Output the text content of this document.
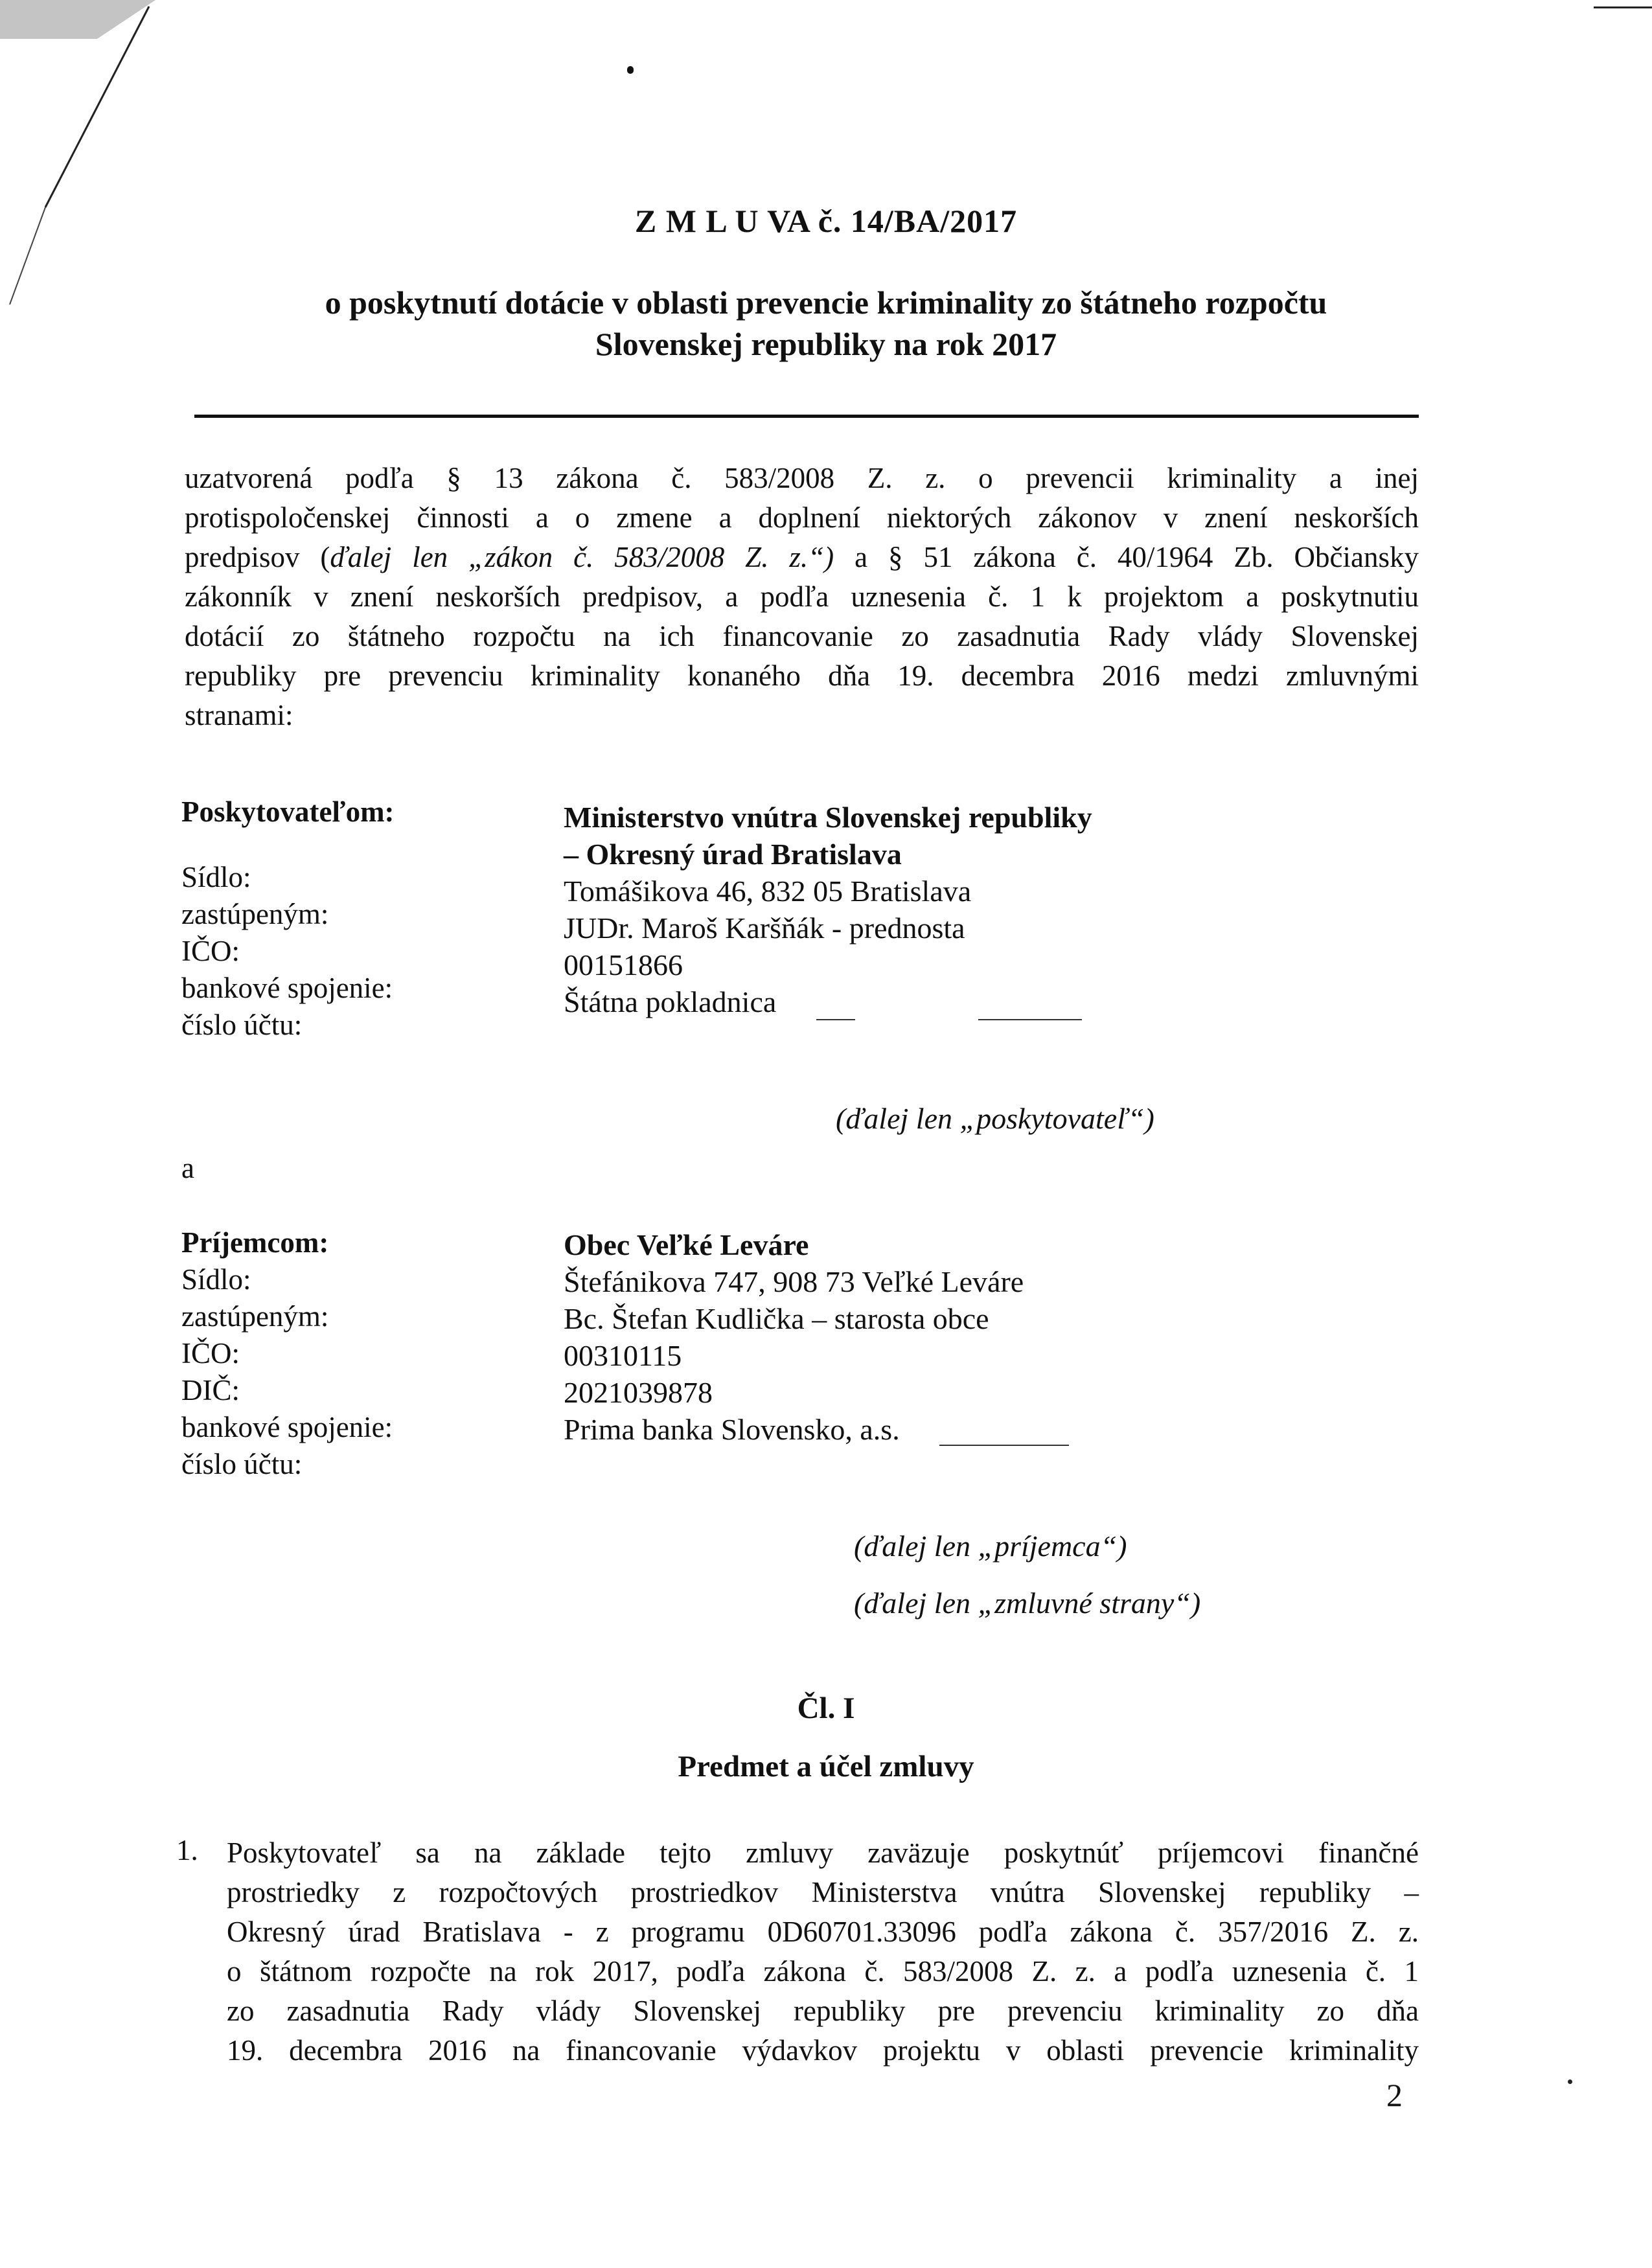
Z M L U VA č. 14/BA/2017
o poskytnutí dotácie v oblasti prevencie kriminality zo štátneho rozpočtu
Slovenskej republiky na rok 2017
uzatvorená podľa § 13 zákona č. 583/2008 Z. z. o prevencii kriminality a inej
protispoločenskej činnosti a o zmene a doplnení niektorých zákonov v znení neskorších
predpisov (ďalej len „zákon č. 583/2008 Z. z.“) a § 51 zákona č. 40/1964 Zb. Občiansky
zákonník v znení neskorších predpisov, a podľa uznesenia č. 1 k projektom a poskytnutiu
dotácií zo štátneho rozpočtu na ich financovanie zo zasadnutia Rady vlády Slovenskej
republiky pre prevenciu kriminality konaného dňa 19. decembra 2016 medzi zmluvnými
stranami:
Poskytovateľom:
Sídlo:
zastúpeným:
IČO:
bankové spojenie:
číslo účtu:
Ministerstvo vnútra Slovenskej republiky
– Okresný úrad Bratislava
Tomášikova 46, 832 05 Bratislava
JUDr. Maroš Karšňák - prednosta
00151866
Štátna pokladnica
(ďalej len „poskytovateľ“)
a
Príjemcom:
Sídlo:
zastúpeným:
IČO:
DIČ:
bankové spojenie:
číslo účtu:
Obec Veľké Leváre
Štefánikova 747, 908 73 Veľké Leváre
Bc. Štefan Kudlička – starosta obce
00310115
2021039878
Prima banka Slovensko, a.s.
(ďalej len „príjemca“)
(ďalej len „zmluvné strany“)
Čl. I
Predmet a účel zmluvy
1. Poskytovateľ sa na základe tejto zmluvy zaväzuje poskytnúť príjemcovi finančné
prostriedky z rozpočtových prostriedkov Ministerstva vnútra Slovenskej republiky –
Okresný úrad Bratislava - z programu 0D60701.33096 podľa zákona č. 357/2016 Z. z.
o štátnom rozpočte na rok 2017, podľa zákona č. 583/2008 Z. z. a podľa uznesenia č. 1
zo zasadnutia Rady vlády Slovenskej republiky pre prevenciu kriminality zo dňa
19. decembra 2016 na financovanie výdavkov projektu v oblasti prevencie kriminality
2
